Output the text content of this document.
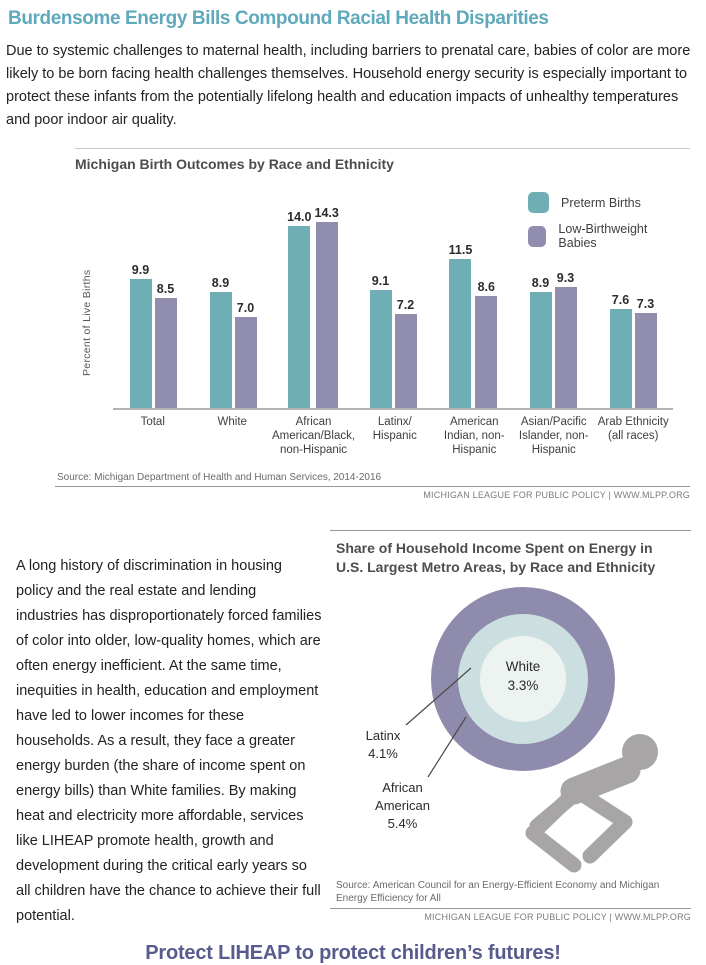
Burdensome Energy Bills Compound Racial Health Disparities

Due to systemic challenges to maternal health, including barriers to prenatal care, babies of color are more likely to be born facing health challenges themselves. Household energy security is especially important to protect these infants from the potentially lifelong health and education impacts of unhealthy temperatures and poor indoor air quality.

Michigan Birth Outcomes by Race and Ethnicity
Percent of Live Births	9.9
8.5	8.9
7.0
14.0 14.3
9.1
7.2
11.5
8.6	8.9 9.3
7.6 7.3
Preterm Births
Low-Birthweight Babies
Total	White	African American/Black, non-Hispanic
Latinx/ Hispanic
American Indian, non-Hispanic
Asian/Pacific Islander, non-Hispanic
Arab Ethnicity (all races)
Source: Michigan Department of Health and Human Services, 2014-2016
MICHIGAN LEAGUE FOR PUBLIC POLICY | WWW.MLPP.ORG

A long history of discrimination in housing policy and the real estate and lending industries has disproportionately forced families of color into older, low-quality homes, which are often energy inefficient. At the same time, inequities in health, education and employment have led to lower incomes for these households. As a result, they face a greater energy burden (the share of income spent on energy bills) than White families. By making heat and electricity more affordable, services like LIHEAP promote health, growth and development during the critical early years so all children have the chance to achieve their full potential.

Share of Household Income Spent on Energy in U.S. Largest Metro Areas, by Race and Ethnicity
White
3.3%
Latinx
4.1%
African American
5.4%
Source: American Council for an Energy-Efficient Economy and Michigan Energy Efficiency for All
MICHIGAN LEAGUE FOR PUBLIC POLICY | WWW.MLPP.ORG
Protect LIHEAP to protect children’s futures!
